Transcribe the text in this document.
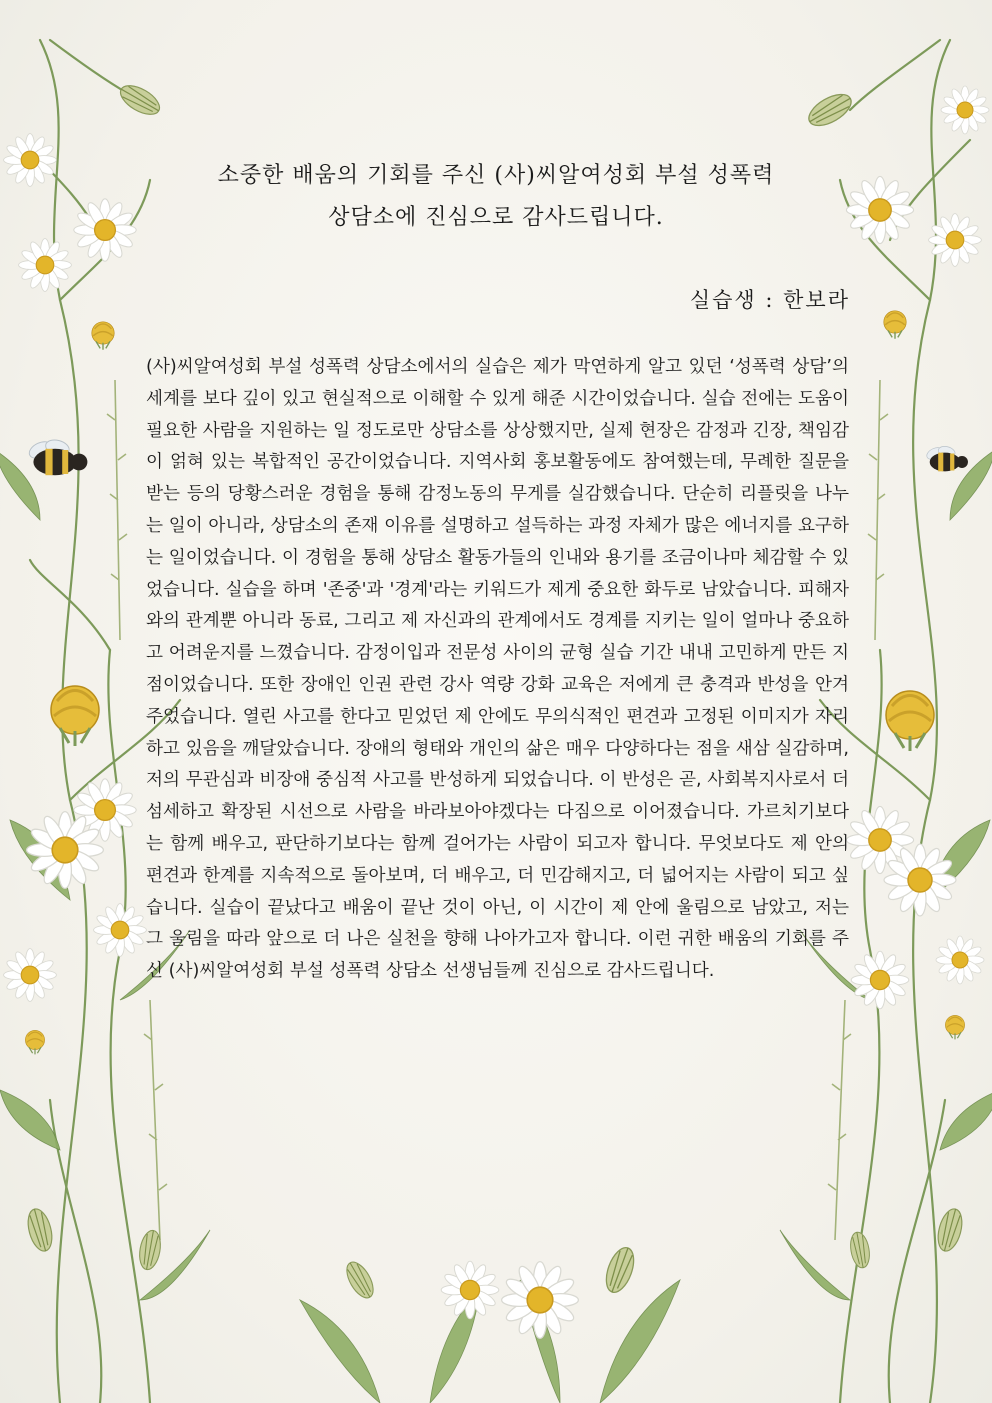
소중한 배움의 기회를 주신 (사)씨알여성회 부설 성폭력
상담소에 진심으로 감사드립니다.
실습생 : 한보라

(사)씨알여성회 부설 성폭력 상담소에서의 실습은 제가 막연하게 알고 있던 ‘성폭력 상담’의 세계를 보다 깊이 있고 현실적으로 이해할 수 있게 해준 시간이었습니다. 실습 전에는 도움이 필요한 사람을 지원하는 일 정도로만 상담소를 상상했지만, 실제 현장은 감정과 긴장, 책임감이 얽혀 있는 복합적인 공간이었습니다. 지역사회 홍보활동에도 참여했는데, 무례한 질문을 받는 등의 당황스러운 경험을 통해 감정노동의 무게를 실감했습니다. 단순히 리플릿을 나누는 일이 아니라, 상담소의 존재 이유를 설명하고 설득하는 과정 자체가 많은 에너지를 요구하는 일이었습니다. 이 경험을 통해 상담소 활동가들의 인내와 용기를 조금이나마 체감할 수 있었습니다. 실습을 하며 '존중'과 '경계'라는 키워드가 제게 중요한 화두로 남았습니다. 피해자와의 관계뿐 아니라 동료, 그리고 제 자신과의 관계에서도 경계를 지키는 일이 얼마나 중요하고 어려운지를 느꼈습니다. 감정이입과 전문성 사이의 균형 실습 기간 내내 고민하게 만든 지점이었습니다. 또한 장애인 인권 관련 강사 역량 강화 교육은 저에게 큰 충격과 반성을 안겨주었습니다. 열린 사고를 한다고 믿었던 제 안에도 무의식적인 편견과 고정된 이미지가 자리하고 있음을 깨달았습니다. 장애의 형태와 개인의 삶은 매우 다양하다는 점을 새삼 실감하며, 저의 무관심과 비장애 중심적 사고를 반성하게 되었습니다. 이 반성은 곧, 사회복지사로서 더 섬세하고 확장된 시선으로 사람을 바라보아야겠다는 다짐으로 이어졌습니다. 가르치기보다는 함께 배우고, 판단하기보다는 함께 걸어가는 사람이 되고자 합니다. 무엇보다도 제 안의 편견과 한계를 지속적으로 돌아보며, 더 배우고, 더 민감해지고, 더 넓어지는 사람이 되고 싶습니다. 실습이 끝났다고 배움이 끝난 것이 아닌, 이 시간이 제 안에 울림으로 남았고, 저는 그 울림을 따라 앞으로 더 나은 실천을 향해 나아가고자 합니다. 이런 귀한 배움의 기회를 주신 (사)씨알여성회 부설 성폭력 상담소 선생님들께 진심으로 감사드립니다.
